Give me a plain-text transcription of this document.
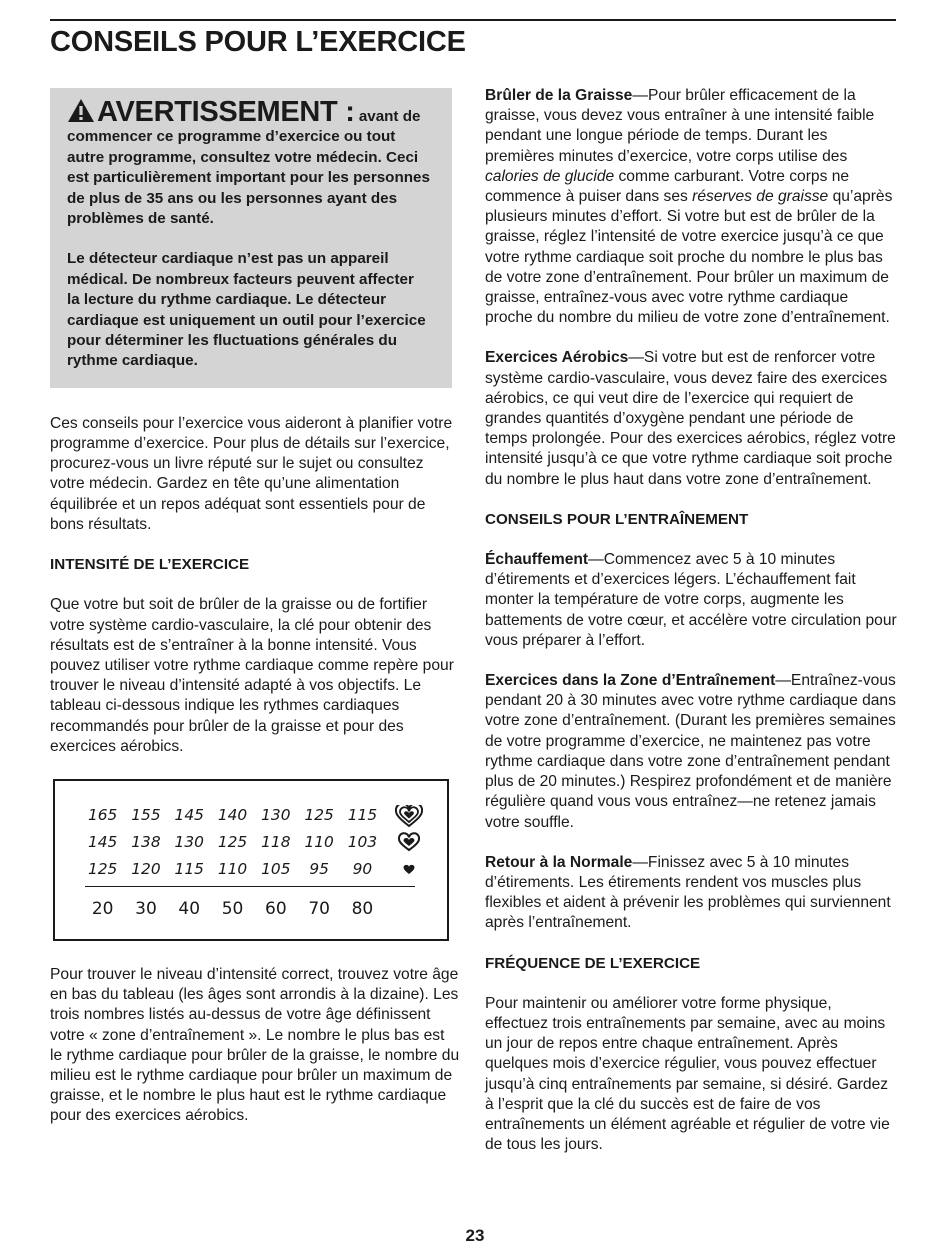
CONSEILS POUR L’EXERCICE

AVERTISSEMENT : avant de commencer ce programme d’exercice ou tout autre programme, consultez votre médecin. Ceci est particulièrement important pour les personnes de plus de 35 ans ou les personnes ayant des problèmes de santé.

Le détecteur cardiaque n’est pas un appareil médical. De nombreux facteurs peuvent affecter la lecture du rythme cardiaque. Le détecteur cardiaque est uniquement un outil pour l’exercice pour déterminer les fluctuations générales du rythme cardiaque.

Ces conseils pour l’exercice vous aideront à planifier votre programme d’exercice. Pour plus de détails sur l’exercice, procurez-vous un livre réputé sur le sujet ou consultez votre médecin. Gardez en tête qu’une alimentation équilibrée et un repos adéquat sont essentiels pour de bons résultats.

INTENSITÉ DE L’EXERCICE

Que votre but soit de brûler de la graisse ou de fortifier votre système cardio-vasculaire, la clé pour obtenir des résultats est de s’entraîner à la bonne intensité. Vous pouvez utiliser votre rythme cardiaque comme repère pour trouver le niveau d’intensité adapté à vos objectifs. Le tableau ci-dessous indique les rythmes cardiaques recommandés pour brûler de la graisse et pour des exercices aérobics.

165 155 145 140 130 125 115
145 138 130 125 118 110 103
125 120 115 110 105	95	90
20	30	40	50	60	70	80

Pour trouver le niveau d’intensité correct, trouvez votre âge en bas du tableau (les âges sont arrondis à la dizaine). Les trois nombres listés au-dessus de votre âge définissent votre « zone d’entraînement ». Le nombre le plus bas est le rythme cardiaque pour brûler de la graisse, le nombre du milieu est le rythme cardiaque pour brûler un maximum de graisse, et le nombre le plus haut est le rythme cardiaque pour des exercices aérobics.

Brûler de la Graisse—Pour brûler efficacement de la graisse, vous devez vous entraîner à une intensité faible pendant une longue période de temps. Durant les premières minutes d’exercice, votre corps utilise des calories de glucide comme carburant. Votre corps ne commence à puiser dans ses réserves de graisse qu’après plusieurs minutes d’effort. Si votre but est de brûler de la graisse, réglez l’intensité de votre exercice jusqu’à ce que votre rythme cardiaque soit proche du nombre le plus bas de votre zone d’entraînement. Pour brûler un maximum de graisse, entraînez-vous avec votre rythme cardiaque proche du nombre du milieu de votre zone d’entraînement.

Exercices Aérobics—Si votre but est de renforcer votre système cardio-vasculaire, vous devez faire des exercices aérobics, ce qui veut dire de l’exercice qui requiert de grandes quantités d’oxygène pendant une période de temps prolongée. Pour des exercices aérobics, réglez votre intensité jusqu’à ce que votre rythme cardiaque soit proche du nombre le plus haut dans votre zone d’entraînement.

CONSEILS POUR L’ENTRAÎNEMENT

Échauffement—Commencez avec 5 à 10 minutes d’étirements et d’exercices légers. L’échauffement fait monter la température de votre corps, augmente les battements de votre cœur, et accélère votre circulation pour vous préparer à l’effort.

Exercices dans la Zone d’Entraînement—Entraînez-vous pendant 20 à 30 minutes avec votre rythme cardiaque dans votre zone d’entraînement. (Durant les premières semaines de votre programme d’exercice, ne maintenez pas votre rythme cardiaque dans votre zone d’entraînement pendant plus de 20 minutes.) Respirez profondément et de manière régulière quand vous vous entraînez—ne retenez jamais votre souffle.

Retour à la Normale—Finissez avec 5 à 10 minutes d’étirements. Les étirements rendent vos muscles plus flexibles et aident à prévenir les problèmes qui surviennent après l’entraînement.

FRÉQUENCE DE L’EXERCICE

Pour maintenir ou améliorer votre forme physique, effectuez trois entraînements par semaine, avec au moins un jour de repos entre chaque entraînement. Après quelques mois d’exercice régulier, vous pouvez effectuer jusqu’à cinq entraînements par semaine, si désiré. Gardez à l’esprit que la clé du succès est de faire de vos entraînements un élément agréable et régulier de votre vie de tous les jours.

23
